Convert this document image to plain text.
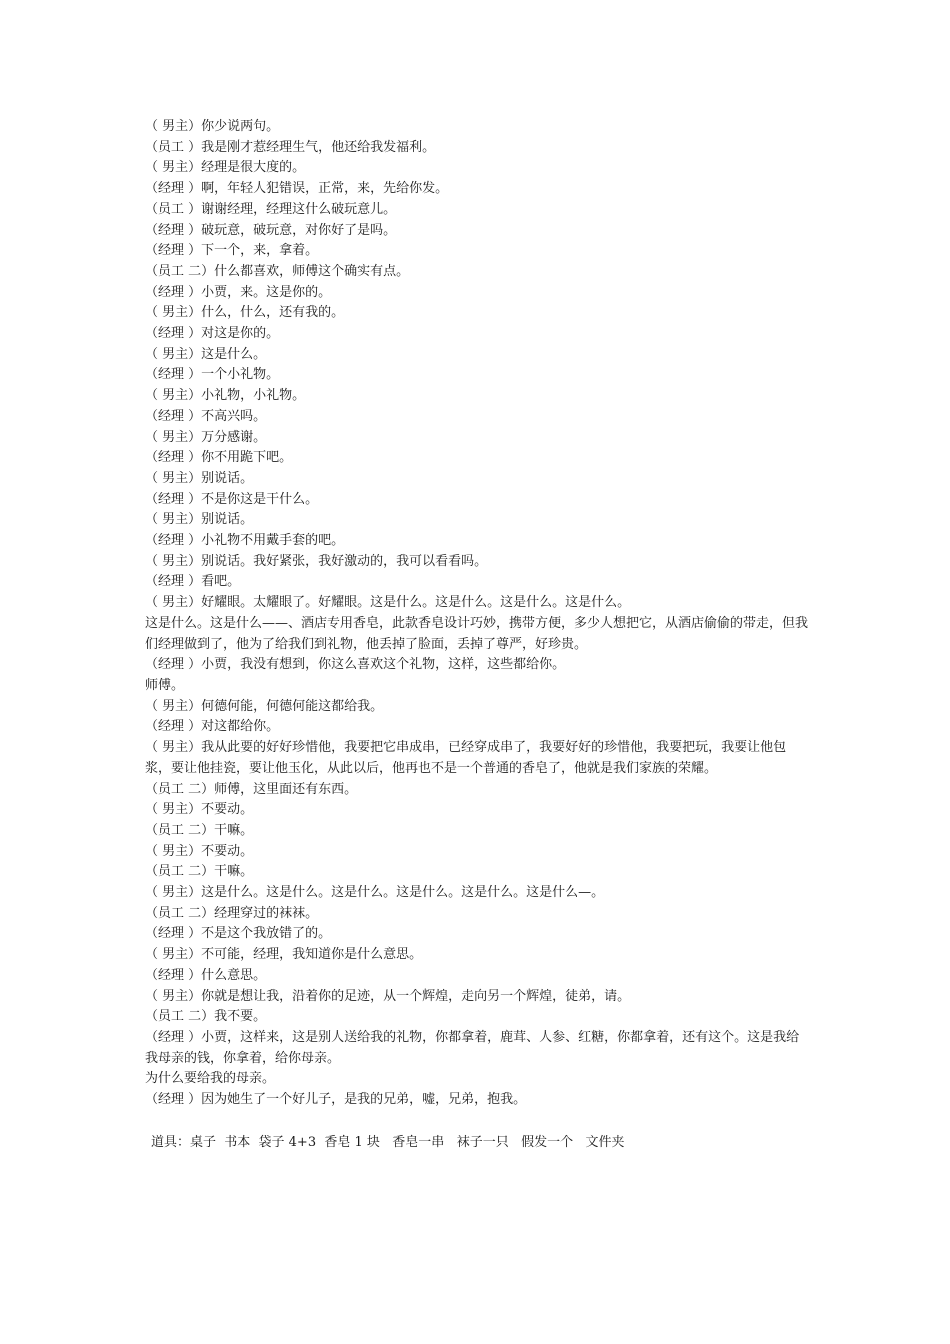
（ 男主）你少说两句。

（员工 ）我是刚才惹经理生气，他还给我发福利。

（ 男主）经理是很大度的。

（经理 ）啊，年轻人犯错误，正常，来，先给你发。

（员工 ）谢谢经理，经理这什么破玩意儿。

（经理 ）破玩意，破玩意，对你好了是吗。

（经理 ）下一个，来，拿着。

（员工 二）什么都喜欢，师傅这个确实有点。

（经理 ）小贾，来。这是你的。

（ 男主）什么，什么，还有我的。

（经理 ）对这是你的。

（ 男主）这是什么。

（经理 ）一个小礼物。

（ 男主）小礼物，小礼物。

（经理 ）不高兴吗。

（ 男主）万分感谢。

（经理 ）你不用跪下吧。

（ 男主）别说话。

（经理 ）不是你这是干什么。

（ 男主）别说话。

（经理 ）小礼物不用戴手套的吧。

（ 男主）别说话。我好紧张，我好激动的，我可以看看吗。

（经理 ）看吧。

（ 男主）好耀眼。太耀眼了。好耀眼。这是什么。这是什么。这是什么。这是什么。

这是什么。这是什么——、酒店专用香皂，此款香皂设计巧妙，携带方便，多少人想把它，从酒店偷偷的带走，但我们经理做到了，他为了给我们到礼物，他丢掉了脸面，丢掉了尊严，好珍贵。

（经理 ）小贾，我没有想到，你这么喜欢这个礼物，这样，这些都给你。

师傅。

（ 男主）何德何能，何德何能这都给我。

（经理 ）对这都给你。

（ 男主）我从此要的好好珍惜他，我要把它串成串，已经穿成串了，我要好好的珍惜他，我要把玩，我要让他包浆，要让他挂瓷，要让他玉化，从此以后，他再也不是一个普通的香皂了，他就是我们家族的荣耀。

（员工 二）师傅，这里面还有东西。

（ 男主）不要动。

（员工 二）干嘛。

（ 男主）不要动。

（员工 二）干嘛。

（ 男主）这是什么。这是什么。这是什么。这是什么。这是什么。这是什么—。

（员工 二）经理穿过的袜袜。

（经理 ）不是这个我放错了的。

（ 男主）不可能，经理，我知道你是什么意思。

（经理 ）什么意思。

（ 男主）你就是想让我，沿着你的足迹，从一个辉煌，走向另一个辉煌，徒弟，请。

（员工 二）我不要。

（经理 ）小贾，这样来，这是别人送给我的礼物，你都拿着，鹿茸、人参、红糖，你都拿着，还有这个。这是我给我母亲的钱，你拿着，给你母亲。

为什么要给我的母亲。

（经理 ）因为她生了一个好儿子，是我的兄弟，嘘，兄弟，抱我。

道具：桌子  书本  袋子 4+3  香皂 1 块   香皂一串   袜子一只   假发一个   文件夹
